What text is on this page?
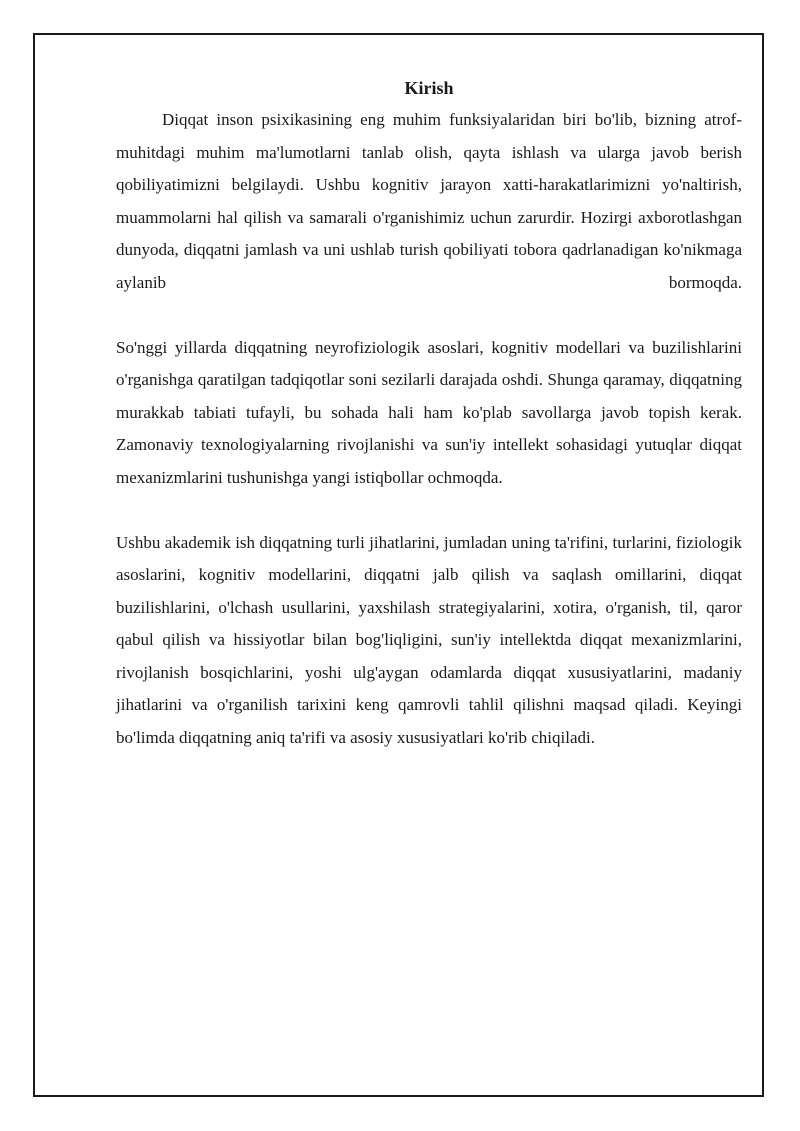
Kirish

Diqqat inson psixikasining eng muhim funksiyalaridan biri bo'lib, bizning atrof-muhitdagi muhim ma'lumotlarni tanlab olish, qayta ishlash va ularga javob berish qobiliyatimizni belgilaydi. Ushbu kognitiv jarayon xatti-harakatlarimizni yo'naltirish, muammolarni hal qilish va samarali o'rganishimiz uchun zarurdir. Hozirgi axborotlashgan dunyoda, diqqatni jamlash va uni ushlab turish qobiliyati tobora qadrlanadigan ko'nikmaga aylanib bormoqda.

So'nggi yillarda diqqatning neyrofiziologik asoslari, kognitiv modellari va buzilishlarini o'rganishga qaratilgan tadqiqotlar soni sezilarli darajada oshdi. Shunga qaramay, diqqatning murakkab tabiati tufayli, bu sohada hali ham ko'plab savollarga javob topish kerak. Zamonaviy texnologiyalarning rivojlanishi va sun'iy intellekt sohasidagi yutuqlar diqqat mexanizmlarini tushunishga yangi istiqbollar ochmoqda.

Ushbu akademik ish diqqatning turli jihatlarini, jumladan uning ta'rifini, turlarini, fiziologik asoslarini, kognitiv modellarini, diqqatni jalb qilish va saqlash omillarini, diqqat buzilishlarini, o'lchash usullarini, yaxshilash strategiyalarini, xotira, o'rganish, til, qaror qabul qilish va hissiyotlar bilan bog'liqligini, sun'iy intellektda diqqat mexanizmlarini, rivojlanish bosqichlarini, yoshi ulg'aygan odamlarda diqqat xususiyatlarini, madaniy jihatlarini va o'rganilish tarixini keng qamrovli tahlil qilishni maqsad qiladi. Keyingi bo'limda diqqatning aniq ta'rifi va asosiy xususiyatlari ko'rib chiqiladi.
